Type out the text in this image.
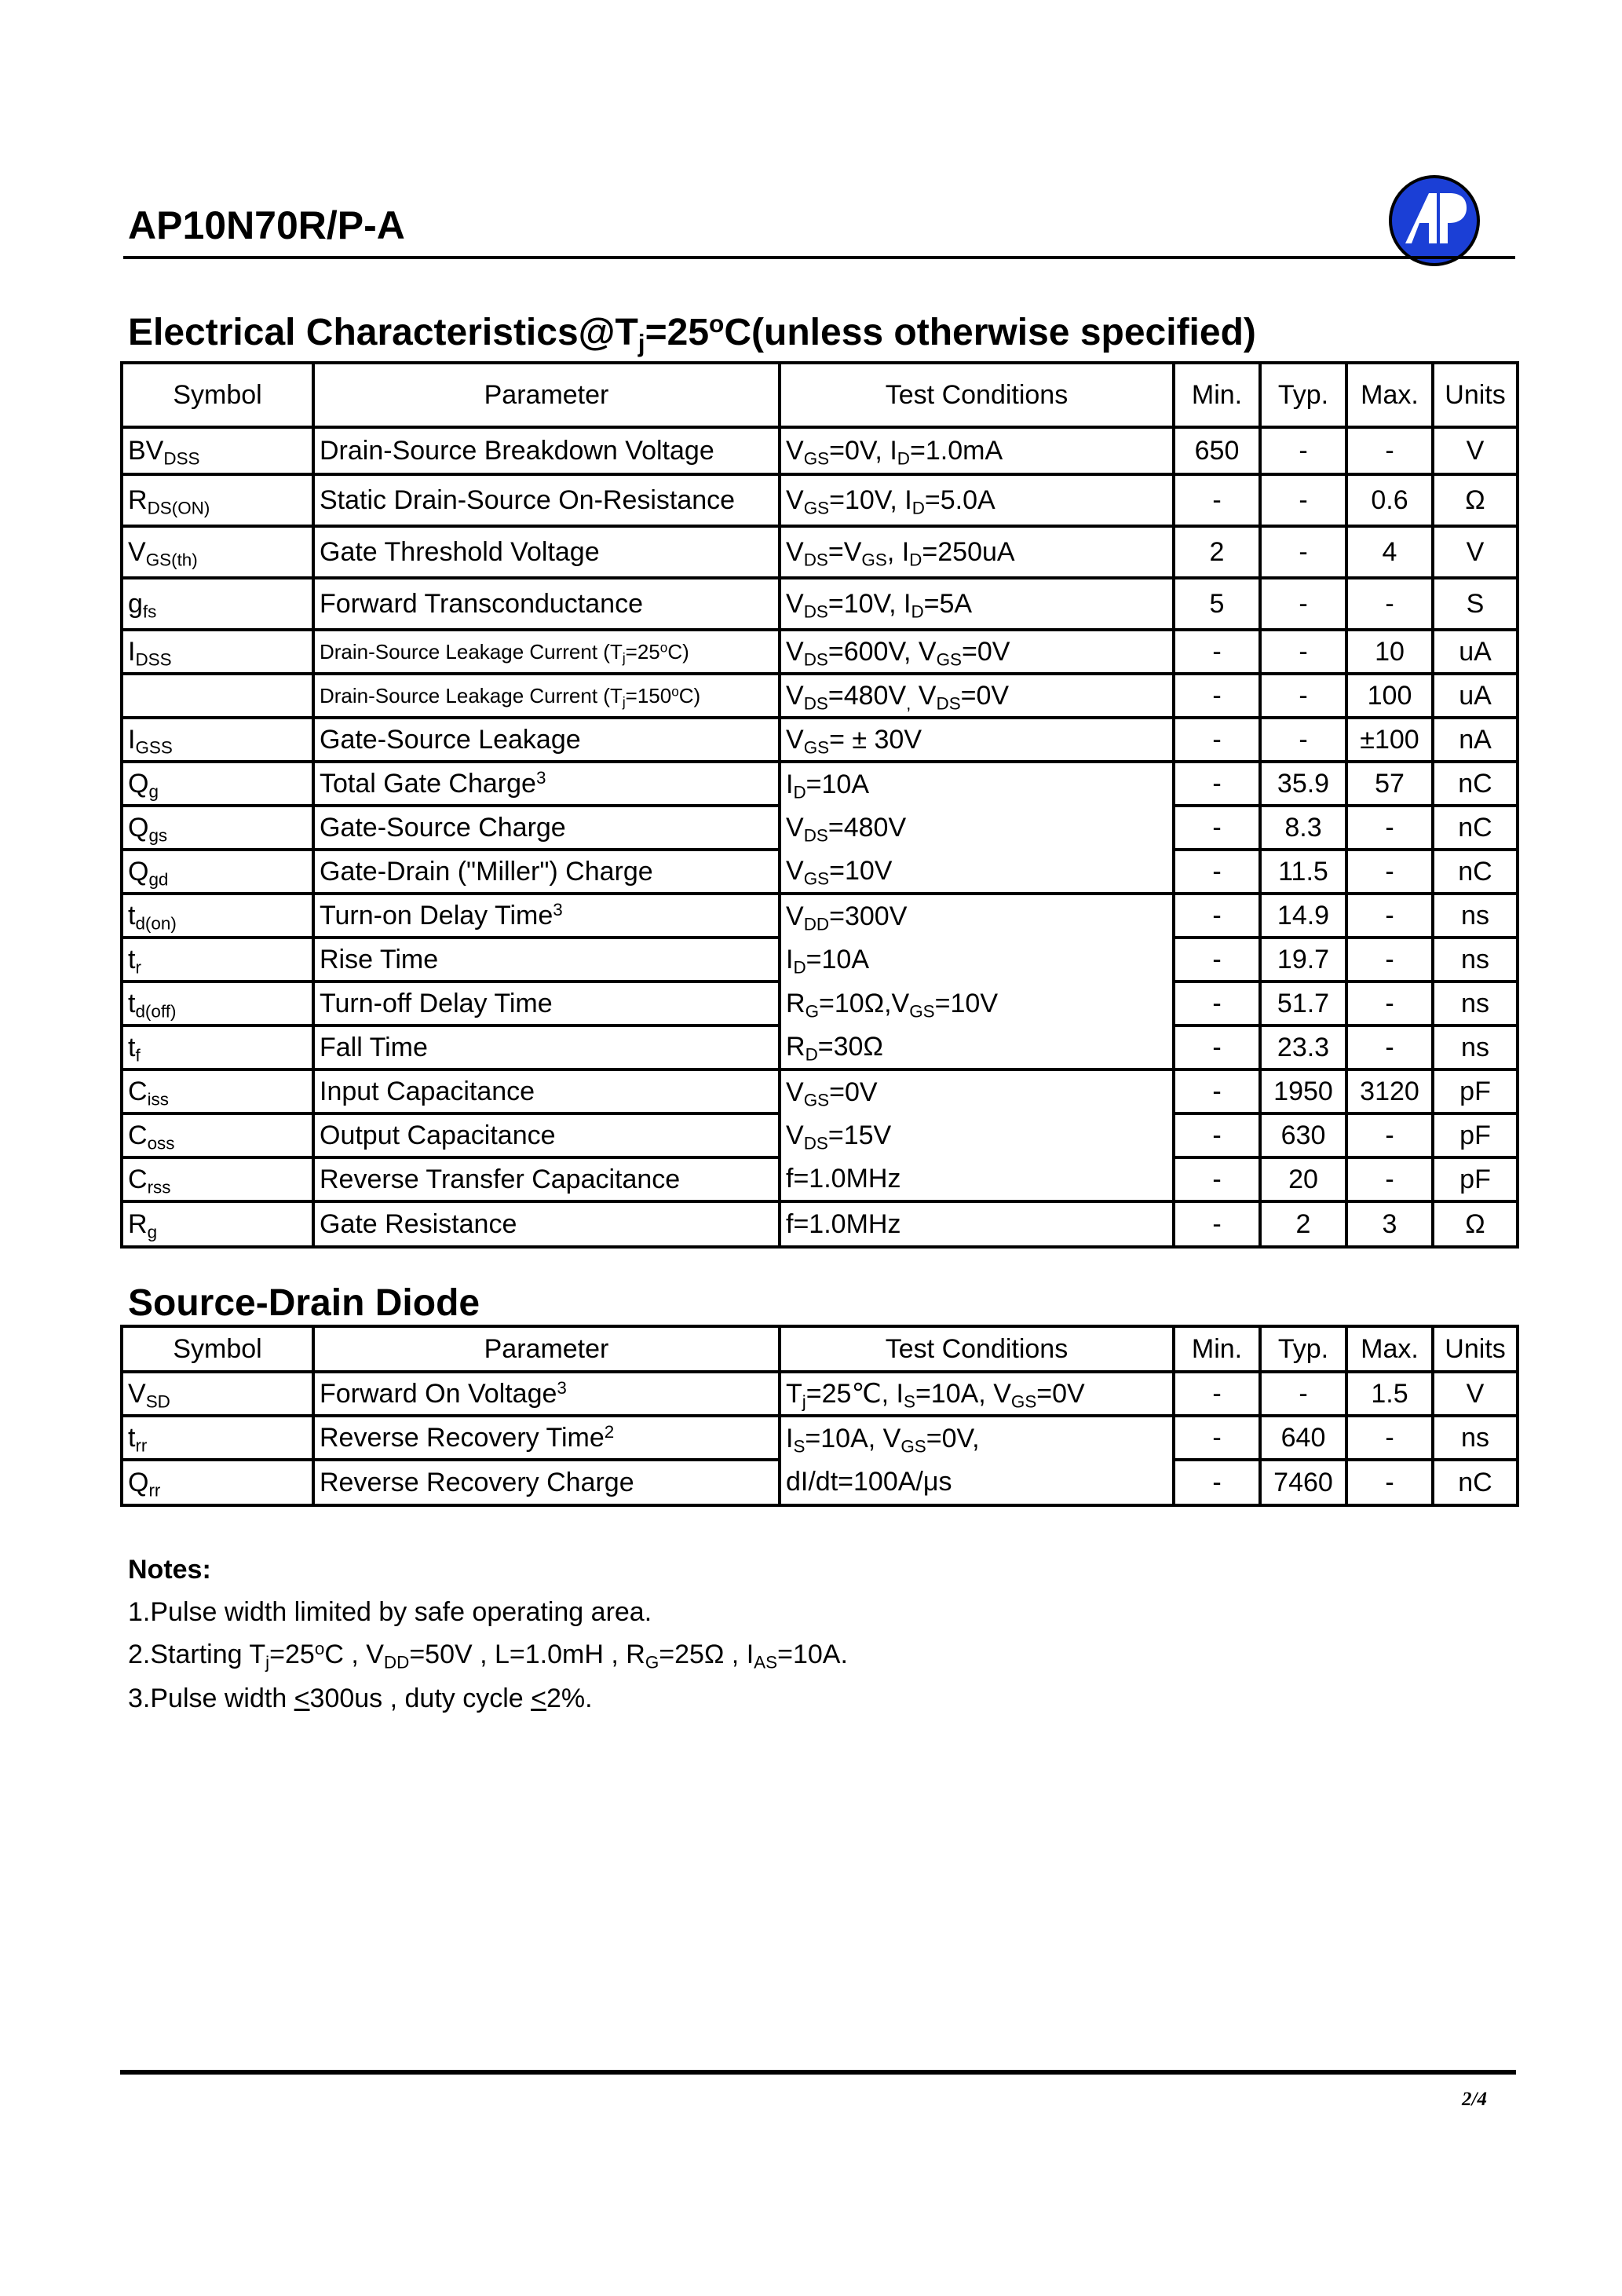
AP10N70R/P-A
Electrical $Characteristics@T_j=25^oC(unless$ otherwise specified)
Symbol	Parameter	Test Conditions	Min.	Typ.	Max.	Units
$BV_{DSS}$	Drain-Source Breakdown Voltage	$V_{GS}=0V$, $I_D=1.0mA$	650	-	-	V
$R_{DS(ON)}$	Static Drain-Source On-Resistance	$V_{GS}=10V$, $I_D=5.0A$	-	-	0.6	Ω
$V_{GS(th)}$	Gate Threshold Voltage	$V_{DS}=V_{GS}$, $I_D=250uA$	2	-	4	V
$g_{fs}$	Forward Transconductance	$V_{DS}=10V$, $I_D=5A$	5	-	-	S
$I_{DSS}$	Drain-Source Leakage Current $(T_j=25^oC)$	$V_{DS}=600V$, $V_{GS}=0V$	-	-	10	uA
	Drain-Source Leakage Current $(T_j=150^oC)$	$V_{DS}=480V_,$ $V_{DS}=0V$	-	-	100	uA
$I_{GSS}$	Gate-Source Leakage	$V_{GS}= \pm 30V$	-	-	±100	nA
$Q_g$	Total Gate Charge$^3$	$I_D=10A$	-	35.9	57	nC
$Q_{gs}$	Gate-Source Charge	$V_{DS}=480V$	-	8.3	-	nC
$Q_{gd}$	Gate-Drain ("Miller") Charge	$V_{GS}=10V$	-	11.5	-	nC
$t_{d(on)}$	Turn-on Delay Time$^3$	$V_{DD}=300V$	-	14.9	-	ns
$t_r$	Rise Time	$I_D=10A$	-	19.7	-	ns
$t_{d(off)}$	Turn-off Delay Time	$R_G=10\Omega,V_{GS}=10V$	-	51.7	-	ns
$t_f$	Fall Time	$R_D=30\Omega$	-	23.3	-	ns
$C_{iss}$	Input Capacitance	$V_{GS}=0V$	-	1950	3120	pF
$C_{oss}$	Output Capacitance	$V_{DS}=15V$	-	630	-	pF
$C_{rss}$	Reverse Transfer Capacitance	f=1.0MHz	-	20	-	pF
$R_g$	Gate Resistance	f=1.0MHz	-	2	3	Ω
Source-Drain Diode
Symbol	Parameter	Test Conditions	Min.	Typ.	Max.	Units
$V_{SD}$	Forward On Voltage$^3$	$T_j=25℃$, $I_S=10A$, $V_{GS}=0V$	-	-	1.5	V
$t_{rr}$	Reverse Recovery Time$^2$	$I_S=10A$, $V_{GS}=0V$,	-	640	-	ns
$Q_{rr}$	Reverse Recovery Charge	dI/dt=100A/μs	-	7460	-	nC
Notes:
1.Pulse width limited by safe operating area.
2.Starting $T_j=25^oC$ , $V_{DD}=50V$ , L=1.0mH , $R_G=25\Omega$ , $I_{AS}=10A$.
3.Pulse width <300us , duty cycle <2%.
2/4
